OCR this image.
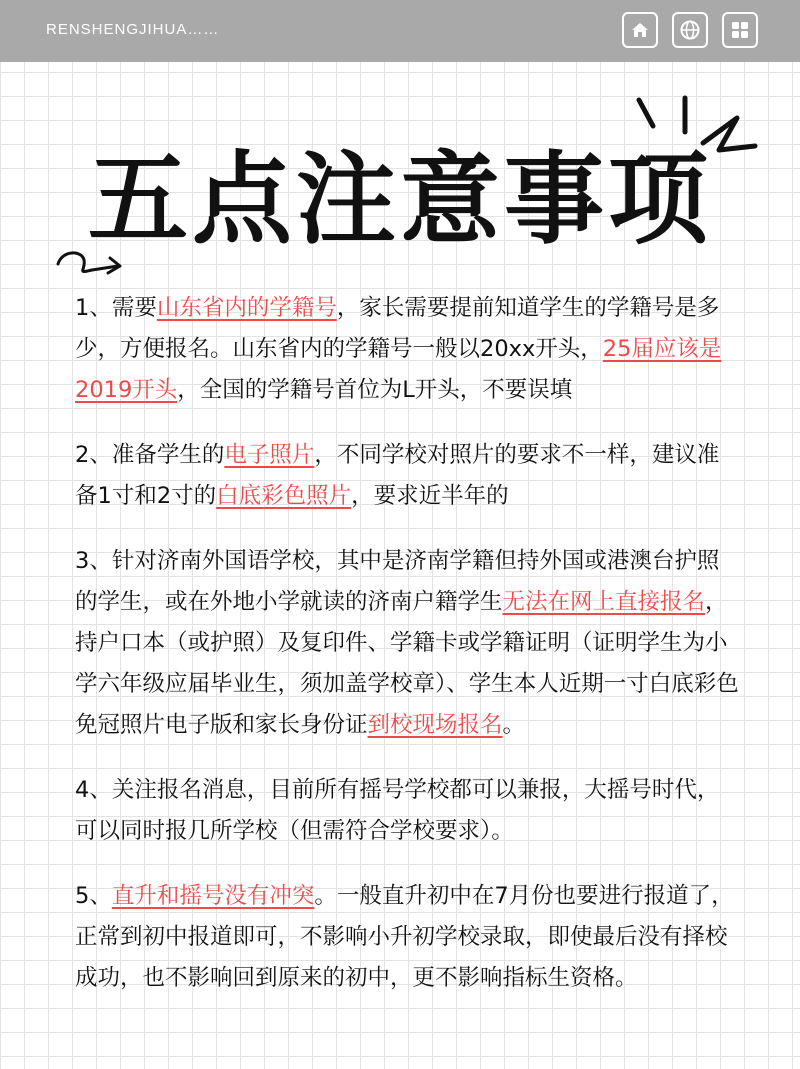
RENSHENGJIHUA……
五点注意事项

1、需要山东省内的学籍号，家长需要提前知道学生的学籍号是多少，方便报名。山东省内的学籍号一般以20xx开头，25届应该是2019开头，全国的学籍号首位为L开头，不要误填

2、准备学生的电子照片，不同学校对照片的要求不一样，建议准备1寸和2寸的白底彩色照片，要求近半年的

3、针对济南外国语学校，其中是济南学籍但持外国或港澳台护照的学生，或在外地小学就读的济南户籍学生无法在网上直接报名，持户口本（或护照）及复印件、学籍卡或学籍证明（证明学生为小学六年级应届毕业生，须加盖学校章）、学生本人近期一寸白底彩色免冠照片电子版和家长身份证到校现场报名。

4、关注报名消息，目前所有摇号学校都可以兼报，大摇号时代，可以同时报几所学校（但需符合学校要求）。

5、直升和摇号没有冲突。一般直升初中在7月份也要进行报道了，正常到初中报道即可，不影响小升初学校录取，即使最后没有择校成功，也不影响回到原来的初中，更不影响指标生资格。
